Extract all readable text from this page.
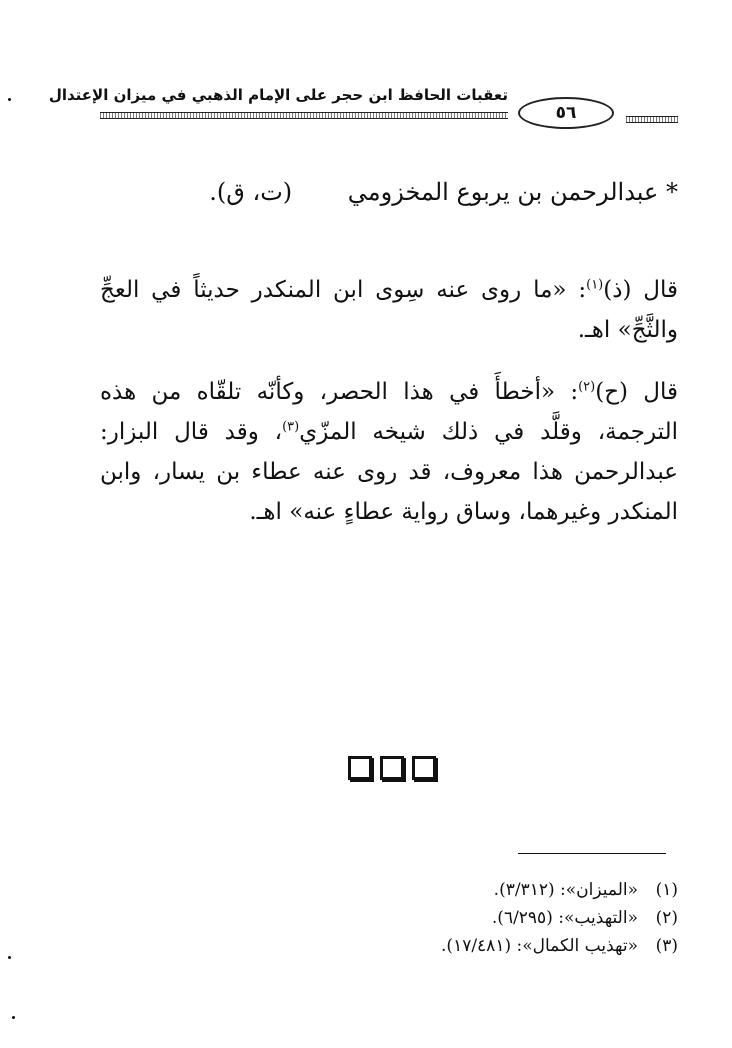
تعقبات الحافظ ابن حجر على الإمام الذهبي في ميزان الإعتدال
٥٦
* عبدالرحمن بن يربوع المخزومي (ت، ق).
قال (ذ)$^{(١)}$: «ما روى عنه سِوى ابن المنكدر حديثاً في العجِّ والثَّجِّ» اهـ.
قال (ح)$^{(٢)}$: «أخطأَ في هذا الحصر، وكأنّه تلقّاه من هذه الترجمة، وقلَّد في ذلك شيخه المزّي$^{(٣)}$، وقد قال البزار: عبدالرحمن هذا معروف، قد روى عنه عطاء بن يسار، وابن المنكدر وغيرهما، وساق رواية عطاءٍ عنه» اهـ.
(١)«الميزان»: (٣/٣١٢).
(٢)«التهذيب»: (٦/٢٩٥).
(٣)«تهذيب الكمال»: (١٧/٤٨١).
